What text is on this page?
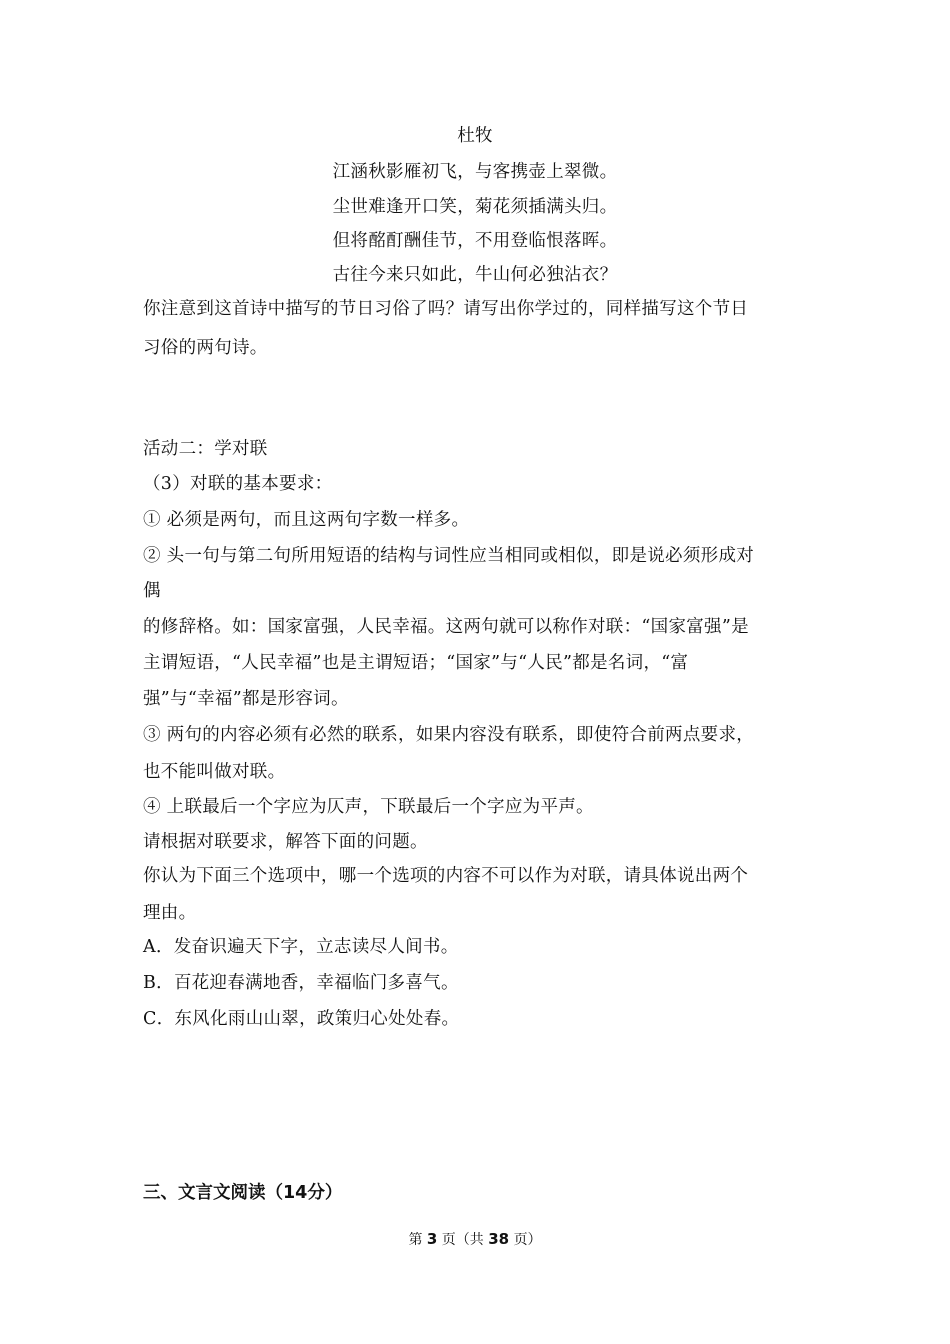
杜牧
江涵秋影雁初飞，与客携壶上翠微。
尘世难逢开口笑，菊花须插满头归。
但将酩酊酬佳节，不用登临恨落晖。
古往今来只如此，牛山何必独沾衣？
你注意到这首诗中描写的节日习俗了吗？请写出你学过的，同样描写这个节日
习俗的两句诗。
活动二：学对联
（3）对联的基本要求：
① 必须是两句，而且这两句字数一样多。
② 头一句与第二句所用短语的结构与词性应当相同或相似，即是说必须形成对
偶
的修辞格。如：国家富强，人民幸福。这两句就可以称作对联：“国家富强”是
主谓短语，“人民幸福”也是主谓短语；“国家”与“人民”都是名词，“富
强”与“幸福”都是形容词。
③ 两句的内容必须有必然的联系，如果内容没有联系，即使符合前两点要求，
也不能叫做对联。
④ 上联最后一个字应为仄声，下联最后一个字应为平声。
请根据对联要求，解答下面的问题。
你认为下面三个选项中，哪一个选项的内容不可以作为对联，请具体说出两个
理由。
A．发奋识遍天下字，立志读尽人间书。
B．百花迎春满地香，幸福临门多喜气。
C．东风化雨山山翠，政策归心处处春。
三、文言文阅读（14分）
第 3 页（共 38 页）
